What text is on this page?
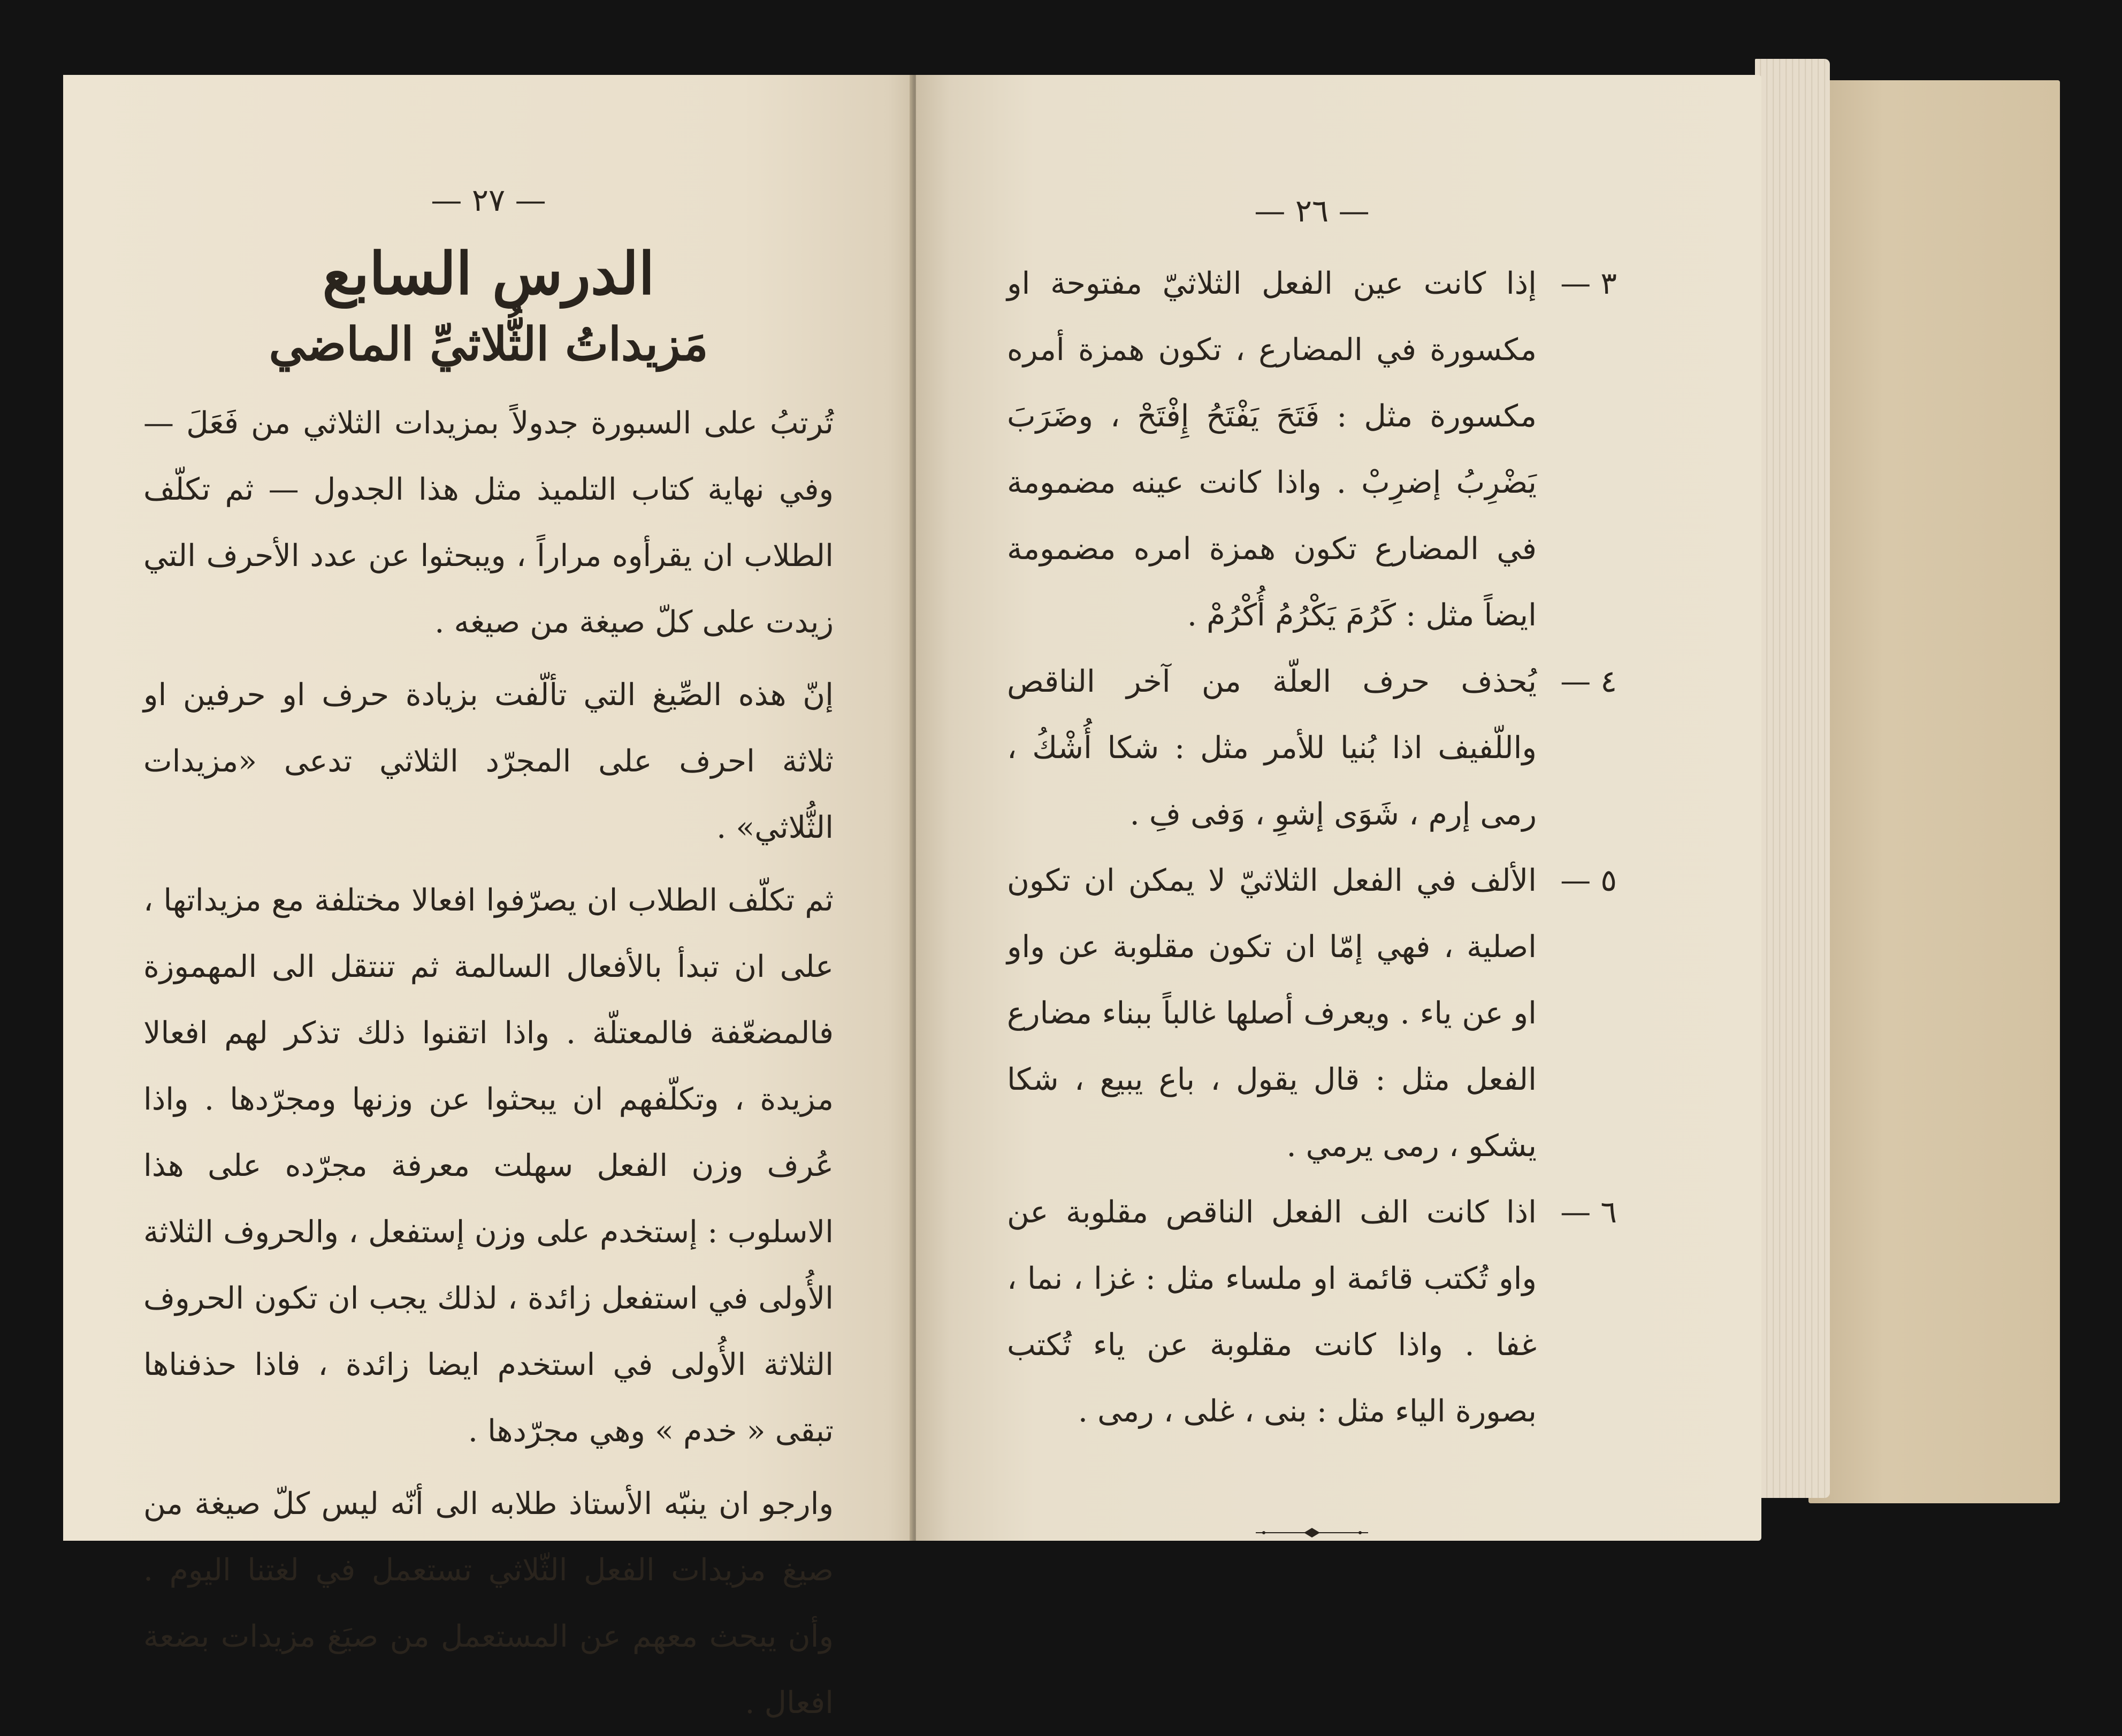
— ٢٧ —
الدرس السابع
مَزيداتُ الثُّلاثيِّ الماضي

تُرتبُ على السبورة جدولاً بمزيدات الثلاثي من فَعَلَ — وفي نهاية كتاب التلميذ مثل هذا الجدول — ثم تكلّف الطلاب ان يقرأوه مراراً ، ويبحثوا عن عدد الأحرف التي زيدت على كلّ صيغة من صيغه .

إنّ هذه الصِّيغ التي تألّفت بزيادة حرف او حرفين او ثلاثة احرف على المجرّد الثلاثي تدعى «مزيدات الثُّلاثي» .

ثم تكلّف الطلاب ان يصرّفوا افعالا مختلفة مع مزيداتها ، على ان تبدأ بالأفعال السالمة ثم تنتقل الى المهموزة فالمضعّفة فالمعتلّة . واذا اتقنوا ذلك تذكر لهم افعالا مزيدة ، وتكلّفهم ان يبحثوا عن وزنها ومجرّدها . واذا عُرف وزن الفعل سهلت معرفة مجرّده على هذا الاسلوب : إستخدم على وزن إستفعل ، والحروف الثلاثة الأُولى في استفعل زائدة ، لذلك يجب ان تكون الحروف الثلاثة الأُولى في استخدم ايضا زائدة ، فاذا حذفناها تبقى « خدم » وهي مجرّدها .

وارجو ان ينبّه الأستاذ طلابه الى أنّه ليس كلّ صيغة من صيغ مزيدات الفعل الثّلاثي تستعمل في لغتنا اليوم . وأن يبحث معهم عن المستعمل من صيَغ مزيدات بضعة افعال .

— ٢٦ —
٣ —
إذا كانت عين الفعل الثلاثيّ مفتوحة او مكسورة في المضارع ، تكون همزة أمره مكسورة مثل : فَتَحَ يَفْتَحُ إِفْتَحْ ، وضَرَبَ يَضْرِبُ إضرِبْ . واذا كانت عينه مضمومة في المضارع تكون همزة امره مضمومة ايضاً مثل : كَرُمَ يَكْرُمُ أُكْرُمْ .
٤ —
يُحذف حرف العلّة من آخر الناقص واللّفيف اذا بُنيا للأمر مثل : شكا أُشْكُ ، رمى إرم ، شَوَى إشوِ ، وَفى فِ .
٥ —
الألف في الفعل الثلاثيّ لا يمكن ان تكون اصلية ، فهي إمّا ان تكون مقلوبة عن واو او عن ياء . ويعرف أصلها غالباً ببناء مضارع الفعل مثل : قال يقول ، باع يبيع ، شكا يشكو ، رمى يرمي .
٦ —
اذا كانت الف الفعل الناقص مقلوبة عن واو تُكتب قائمة او ملساء مثل : غزا ، نما ، غفا . واذا كانت مقلوبة عن ياء تُكتب بصورة الياء مثل : بنى ، غلى ، رمى .
